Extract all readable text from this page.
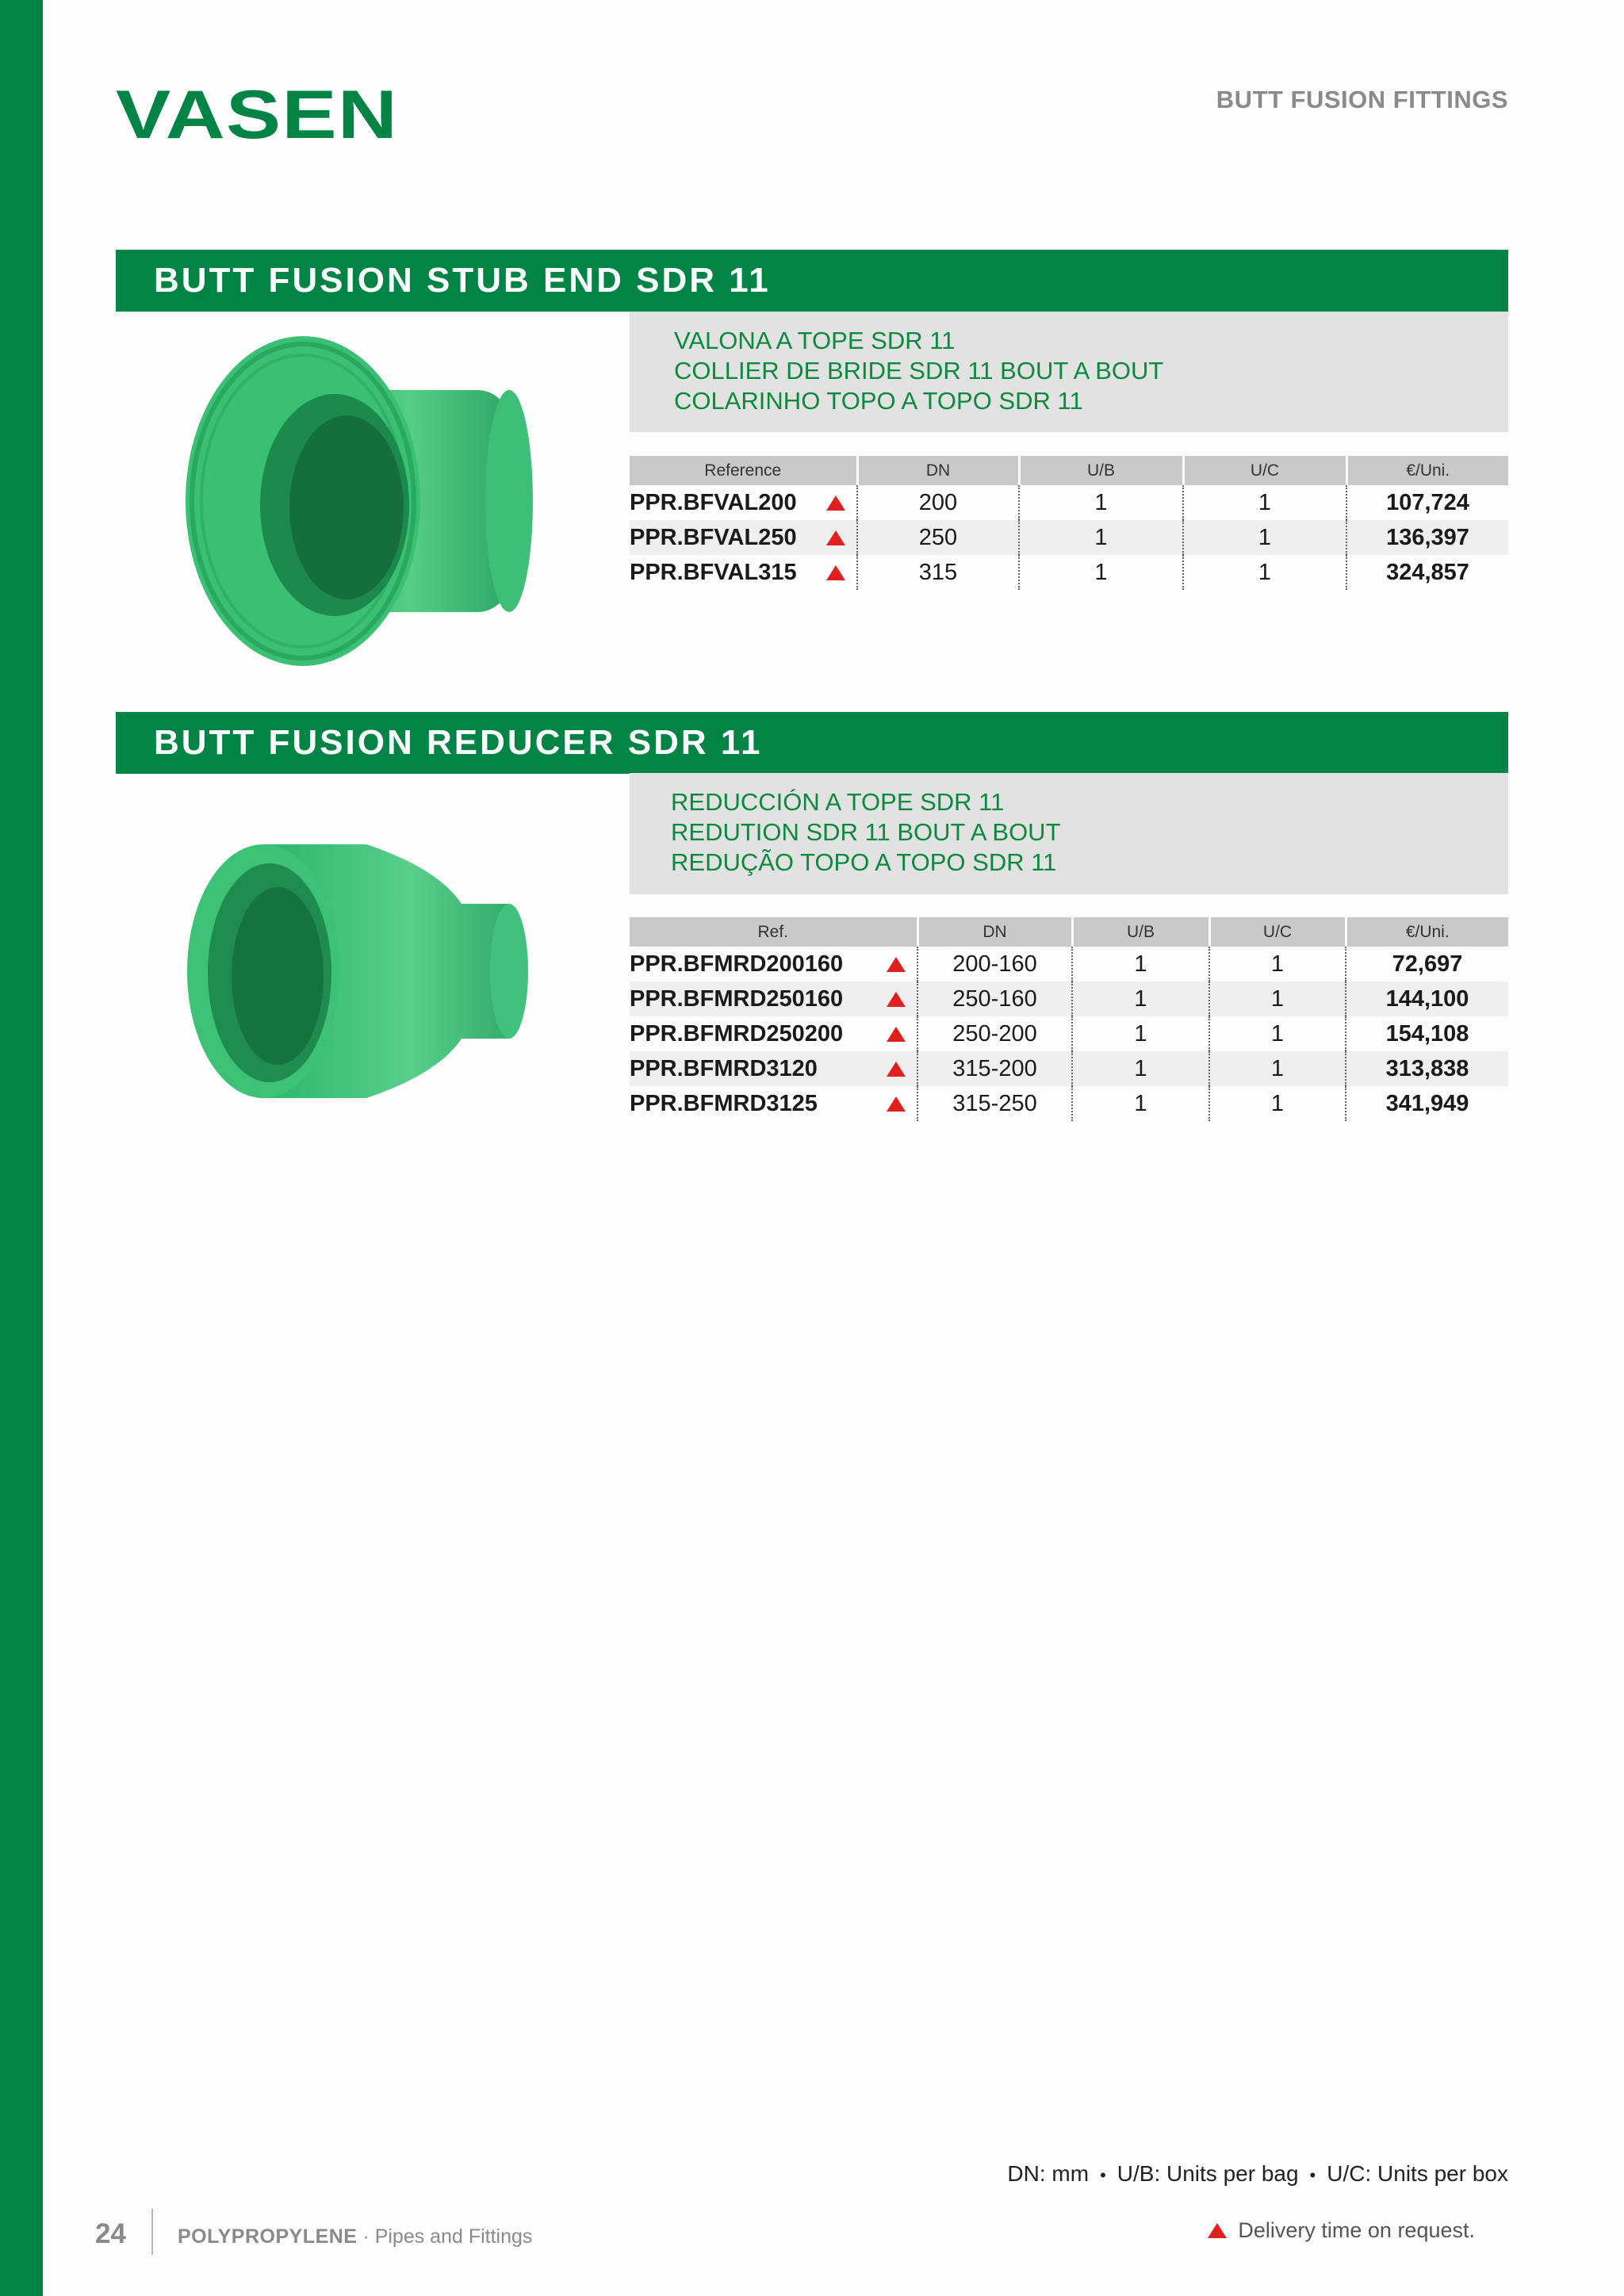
VASEN	BUTT FUSION FITTINGS
BUTT FUSION STUB END SDR 11
VALONA A TOPE SDR 11
COLLIER DE BRIDE SDR 11 BOUT A BOUT
COLARINHO TOPO A TOPO SDR 11
Reference	DN	U/B	U/C	€/Uni.

PPR.BFVAL200	200	1	1	107,724

PPR.BFVAL250	250	1	1	136,397

PPR.BFVAL315	315	1	1	324,857
BUTT FUSION REDUCER SDR 11
REDUCCIÓN A TOPE SDR 11
REDUTION SDR 11 BOUT A BOUT
REDUÇÃO TOPO A TOPO SDR 11
Ref.	DN	U/B	U/C	€/Uni.

PPR.BFMRD200160	200-160	1	1	72,697

PPR.BFMRD250160	250-160	1	1	144,100

PPR.BFMRD250200	250-200	1	1	154,108

PPR.BFMRD3120	315-200	1	1	313,838

PPR.BFMRD3125	315-250	1	1	341,949
DN: mm • U/B: Units per bag • U/C: Units per box
24	POLYPROPYLENE · Pipes and Fittings	Delivery time on request.
